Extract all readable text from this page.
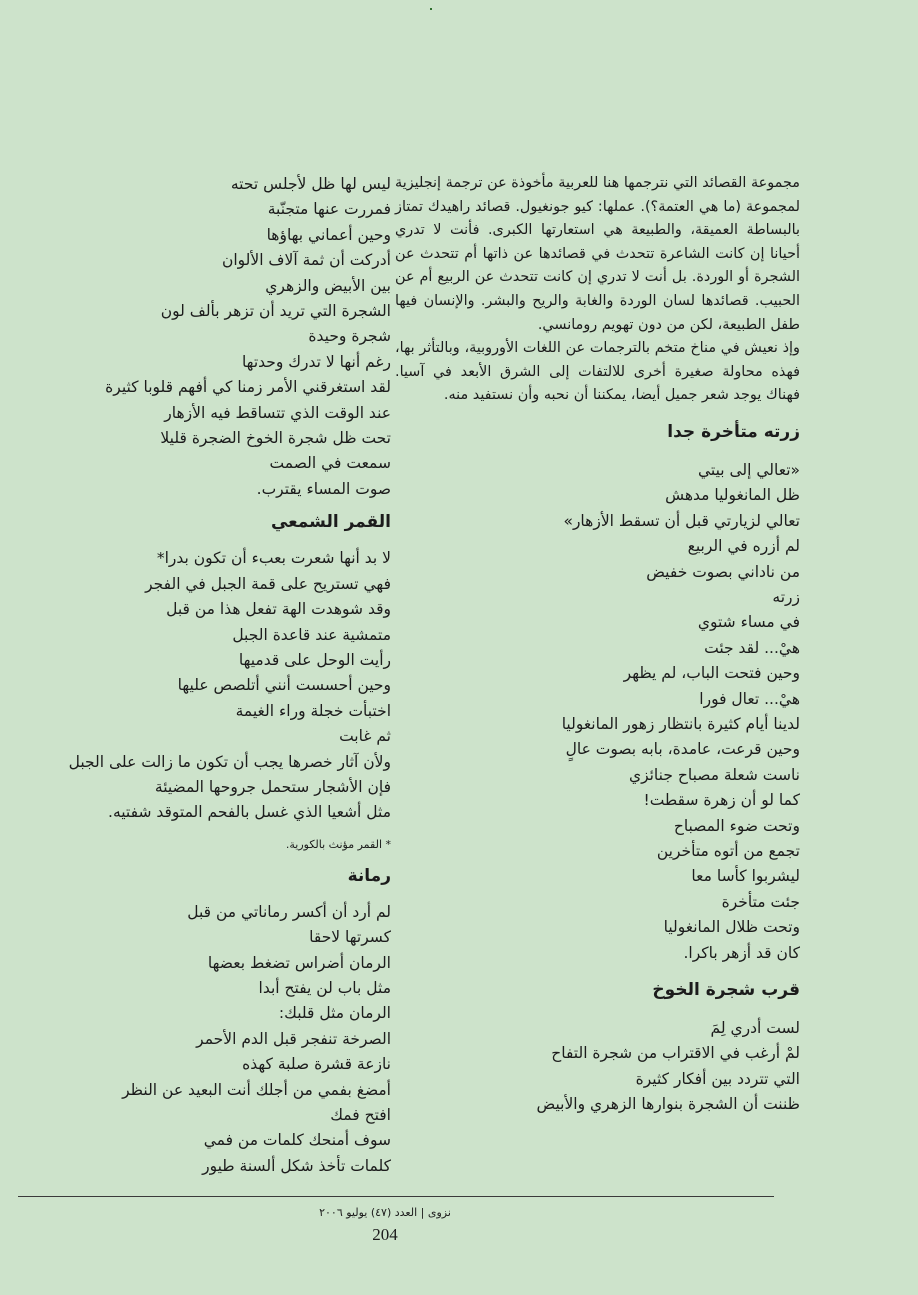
مجموعة القصائد التي نترجمها هنا للعربية مأخوذة عن ترجمة إنجليزية لمجموعة (ما هي العتمة؟). عملها: كيو جونغيول. قصائد راهيدك تمتاز بالبساطة العميقة، والطبيعة هي استعارتها الكبرى. فأنت لا تدري أحيانا إن كانت الشاعرة تتحدث في قصائدها عن ذاتها أم تتحدث عن الشجرة أو الوردة. بل أنت لا تدري إن كانت تتحدث عن الربيع أم عن الحبيب. قصائدها لسان الوردة والغابة والريح والبشر. والإنسان فيها طفل الطبيعة، لكن من دون تهويم رومانسي.

وإذ نعيش في مناخ متخم بالترجمات عن اللغات الأوروبية، وبالتأثر بها، فهذه محاولة صغيرة أخرى للالتفات إلى الشرق الأبعد في آسيا. فهناك يوجد شعر جميل أيضا، يمكننا أن نحبه وأن نستفيد منه.

زرته متأخرة جدا
«تعالي إلى بيتي
ظل المانغوليا مدهش
تعالي لزيارتي قبل أن تسقط الأزهار»
لم أزره في الربيع
من ناداني بصوت خفيض
زرته
في مساء شتوي
هيْ... لقد جئت
وحين فتحت الباب، لم يظهر
هيْ... تعال فورا
لدينا أيام كثيرة بانتظار زهور المانغوليا
وحين قرعت، عامدة، بابه بصوت عالٍ
ناست شعلة مصباح جنائزي
كما لو أن زهرة سقطت!
وتحت ضوء المصباح
تجمع من أتوه متأخرين
ليشربوا كأسا معا
جئت متأخرة
وتحت ظلال المانغوليا
كان قد أزهر باكرا.
قرب شجرة الخوخ
لست أدري لِمَ
لمْ أرغب في الاقتراب من شجرة التفاح
التي تتردد بين أفكار كثيرة
ظننت أن الشجرة بنوارها الزهري والأبيض
ليس لها ظل لأجلس تحته
فمررت عنها متجنّبة
وحين أعماني بهاؤها
أدركت أن ثمة آلاف الألوان
بين الأبيض والزهري
الشجرة التي تريد أن تزهر بألف لون
شجرة وحيدة
رغم أنها لا تدرك وحدتها
لقد استغرقني الأمر زمنا كي أفهم قلوبا كثيرة
عند الوقت الذي تتساقط فيه الأزهار
تحت ظل شجرة الخوخ الضجرة قليلا
سمعت في الصمت
صوت المساء يقترب.
القمر الشمعي
لا بد أنها شعرت بعبء أن تكون بدرا*
فهي تستريح على قمة الجبل في الفجر
وقد شوهدت الهة تفعل هذا من قبل
متمشية عند قاعدة الجبل
رأيت الوحل على قدميها
وحين أحسست أنني أتلصص عليها
اختبأت خجلة وراء الغيمة
ثم غابت
ولأن آثار خصرها يجب أن تكون ما زالت على الجبل
فإن الأشجار ستحمل جروحها المضيئة
مثل أشعيا الذي غسل بالفحم المتوقد شفتيه.
* القمر مؤنث بالكورية.
رمانة
لم أرد أن أكسر رماناتي من قبل
كسرتها لاحقا
الرمان أضراس تضغط بعضها
مثل باب لن يفتح أبدا
الرمان مثل قلبك:
الصرخة تنفجر قبل الدم الأحمر
نازعة قشرة صلبة كهذه
أمضغ بفمي من أجلك أنت البعيد عن النظر
افتح فمك
سوف أمنحك كلمات من فمي
كلمات تأخذ شكل ألسنة طيور
نزوى | العدد (٤٧) يوليو ٢٠٠٦
204
